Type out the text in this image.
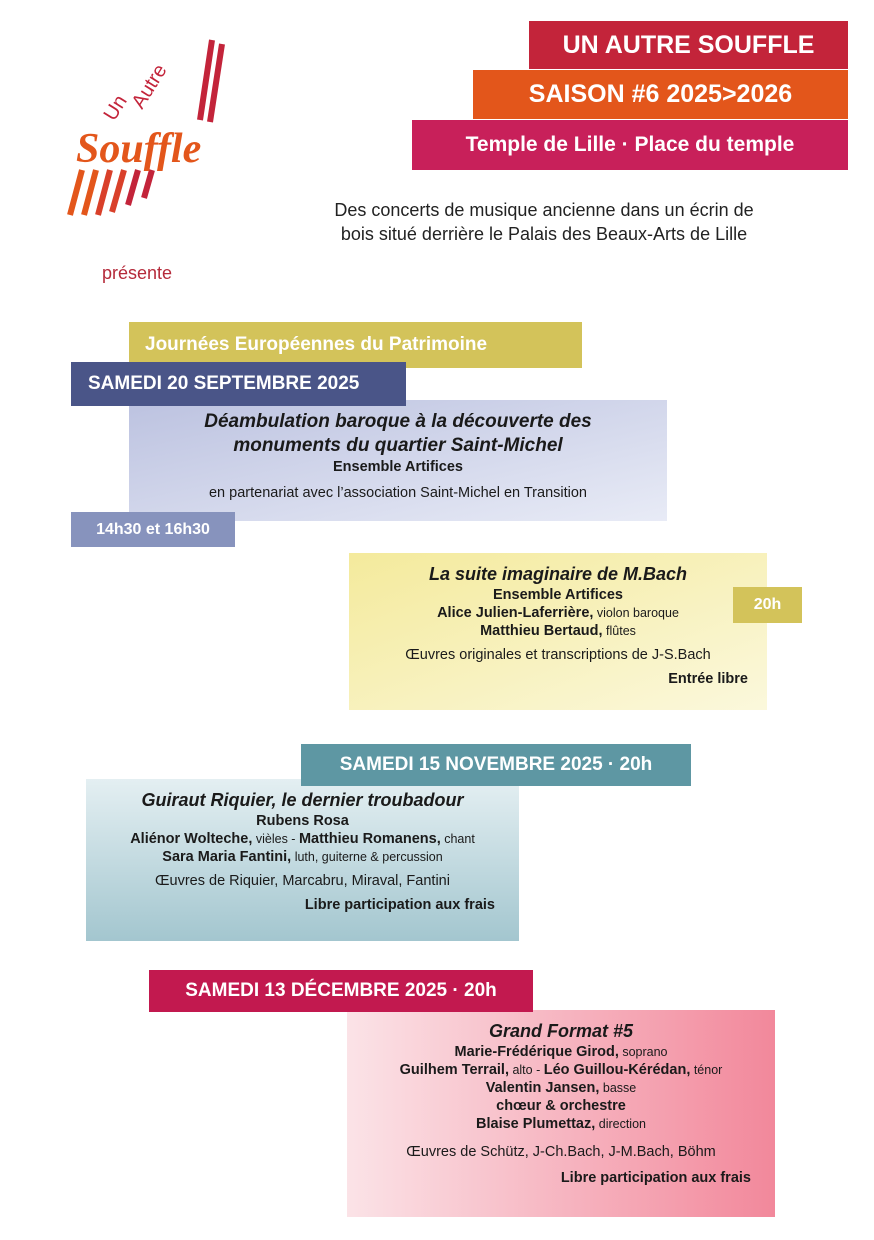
Un
Autre
Souffle
UN AUTRE SOUFFLE
SAISON #6 2025>2026
Temple de Lille · Place du temple
Des concerts de musique ancienne dans un écrin de
bois situé derrière le Palais des Beaux-Arts de Lille
présente
Journées Européennes du Patrimoine
Déambulation baroque à la découverte des
monuments du quartier Saint-Michel
Ensemble Artifices
en partenariat avec l’association Saint-Michel en Transition
SAMEDI 20 SEPTEMBRE 2025
14h30 et 16h30
La suite imaginaire de M.Bach
Ensemble Artifices
Alice Julien-Laferrière, violon baroque
Matthieu Bertaud, flûtes
Œuvres originales et transcriptions de J-S.Bach
Entrée libre
20h
Guiraut Riquier, le dernier troubadour
Rubens Rosa
Aliénor Wolteche, vièles - Matthieu Romanens, chant
Sara Maria Fantini, luth, guiterne & percussion
Œuvres de Riquier, Marcabru, Miraval, Fantini
Libre participation aux frais
SAMEDI 15 NOVEMBRE 2025 · 20h
Grand Format #5
Marie-Frédérique Girod, soprano
Guilhem Terrail, alto - Léo Guillou-Kérédan, ténor
Valentin Jansen, basse
chœur & orchestre
Blaise Plumettaz, direction
Œuvres de Schütz, J-Ch.Bach, J-M.Bach, Böhm
Libre participation aux frais
SAMEDI 13 DÉCEMBRE 2025 · 20h
